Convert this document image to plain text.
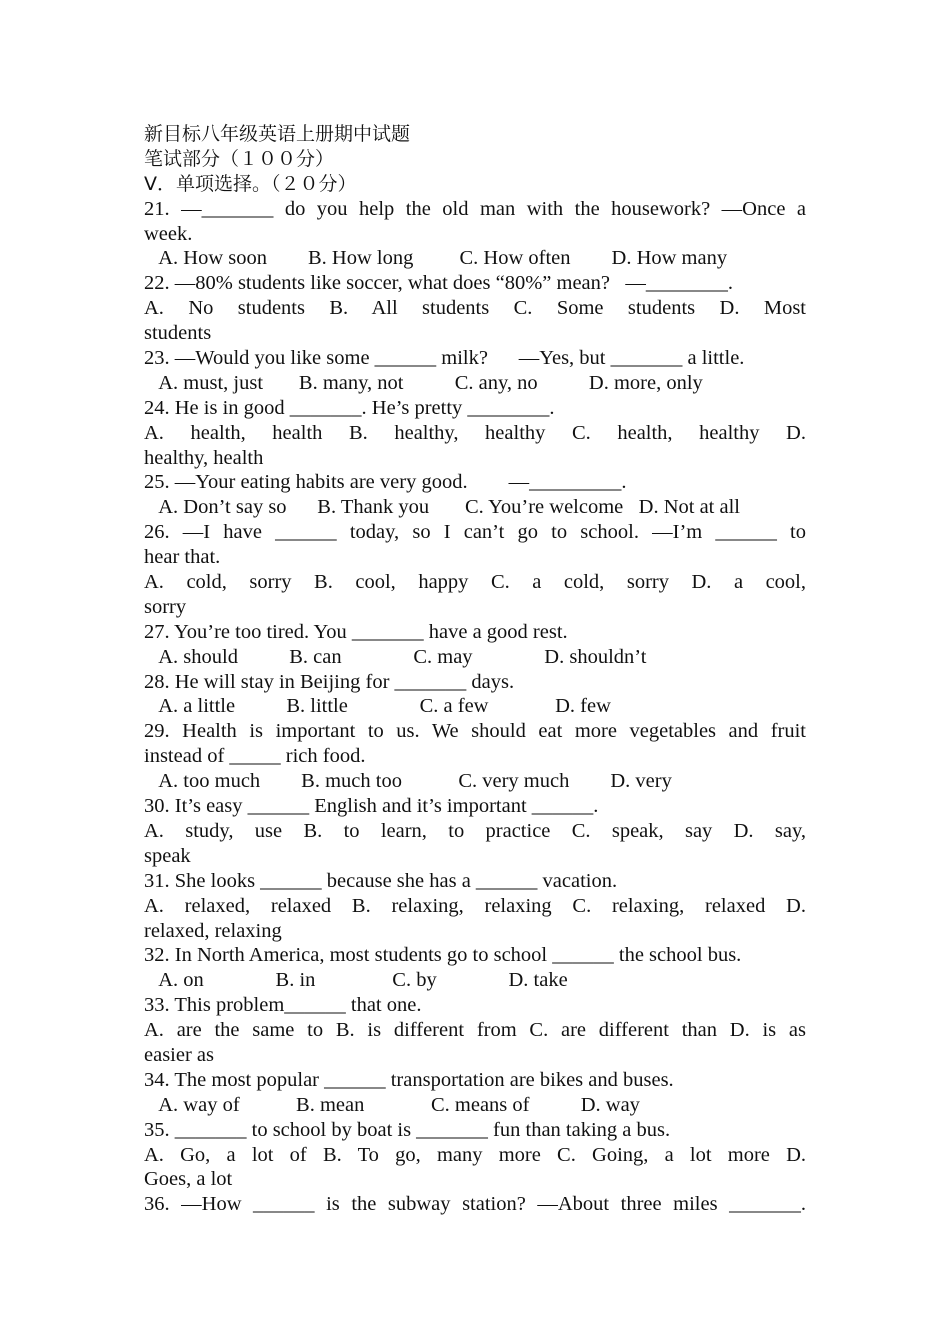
新目标八年级英语上册期中试题
笔试部分（１００分）
Ⅴ．单项选择。（２０分）
21. —_______ do you help the old man with the housework? —Once a
week.
A. How soon        B. How long         C. How often        D. How many
22. —80% students like soccer, what does “80%” mean?   —________.
A. No students B. All students C. Some students D. Most
students
23. —Would you like some ______ milk?      —Yes, but _______ a little.
A. must, just       B. many, not          C. any, no          D. more, only
24. He is in good _______. He’s pretty ________.
A. health, health B. healthy, healthy C. health, healthy D.
healthy, health
25. —Your eating habits are very good.        —_________.
A. Don’t say so      B. Thank you       C. You’re welcome   D. Not at all
26. —I have ______ today, so I can’t go to school. —I’m ______ to
hear that.
A. cold, sorry B. cool, happy C. a cold, sorry D. a cool,
sorry
27. You’re too tired. You _______ have a good rest.
A. should          B. can              C. may              D. shouldn’t
28. He will stay in Beijing for _______ days.
A. a little          B. little              C. a few             D. few
29. Health is important to us. We should eat more vegetables and fruit
instead of _____ rich food.
A. too much        B. much too           C. very much        D. very
30. It’s easy ______ English and it’s important ______.
A. study, use B. to learn, to practice C. speak, say D. say,
speak
31. She looks ______ because she has a ______ vacation.
A. relaxed, relaxed B. relaxing, relaxing C. relaxing, relaxed D.
relaxed, relaxing
32. In North America, most students go to school ______ the school bus.
A. on              B. in               C. by              D. take
33. This problem______ that one.
A. are the same to B. is different from C. are different than D. is as
easier as
34. The most popular ______ transportation are bikes and buses.
A. way of           B. mean             C. means of          D. way
35. _______ to school by boat is _______ fun than taking a bus.
A. Go, a lot of B. To go, many more C. Going, a lot more D.
Goes, a lot
36. —How ______ is the subway station? —About three miles _______.
